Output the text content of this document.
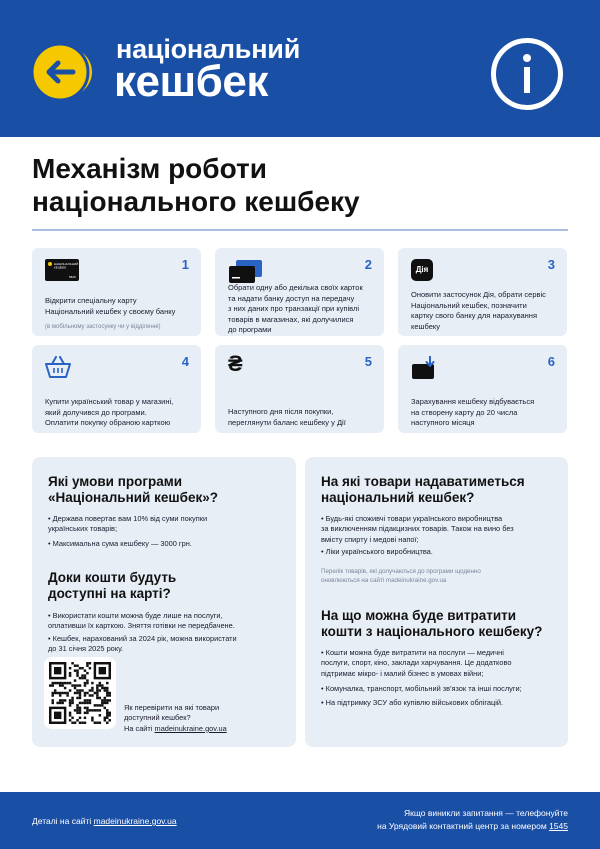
національний
кешбек
Механізм роботи
національного кешбеку
НАЦІОНАЛЬНИЙ
КЕШБЕК
5829
1
Відкрити спеціальну карту
Національний кешбек у своєму банку
(в мобільному застосунку чи у відділенні)
2
Обрати одну або декілька своїх карток
та надати банку доступ на передачу
з них даних про транзакції при купівлі
товарів в магазинах, які долучилися
до програми
Дія	3
Оновити застосунок Дія, обрати сервіс
Національний кешбек, позначити
картку свого банку для нарахування
кешбеку
4
Купити український товар у магазині,
який долучився до програми.
Оплатити покупку обраною карткою
₴	5
Наступного дня після покупки,
переглянути баланс кешбеку у Дії
6
Зарахування кешбеку відбувається
на створену карту до 20 числа
наступного місяця
Які умови програми
«Національний кешбек»?
• Держава повертає вам 10% від суми покупки
українських товарів;
• Максимальна сума кешбеку — 3000 грн.
Доки кошти будуть
доступні на карті?
• Використати кошти можна буде лише на послуги,
оплативши їх карткою. Зняття готівки не передбачене.
• Кешбек, нарахований за 2024 рік, можна використати
до 31 січня 2025 року.
Як перевірити на які товари
доступний кешбек?
На сайті madeinukraine.gov.ua
На які товари надаватиметься
національний кешбек?
• Будь-які споживчі товари українського виробництва
за виключенням підакцизних товарів. Також на вино без
вмісту спирту і медові напої;
• Ліки українського виробництва.
Перелік товарів, які долучаються до програми щоденно
оновлюються на сайті madeinukraine.gov.ua
На що можна буде витратити
кошти з національного кешбеку?
• Кошти можна буде витратити на послуги — медичні
послуги, спорт, кіно, заклади харчування. Це додатково
підтримає мікро- і малий бізнес в умовах війни;
• Комуналка, транспорт, мобільний зв'язок та інші послуги;
• На підтримку ЗСУ або купівлю військових облігацій.
Деталі на сайті madeinukraine.gov.ua
Якщо виникли запитання — телефонуйте
на Урядовий контактний центр за номером 1545
